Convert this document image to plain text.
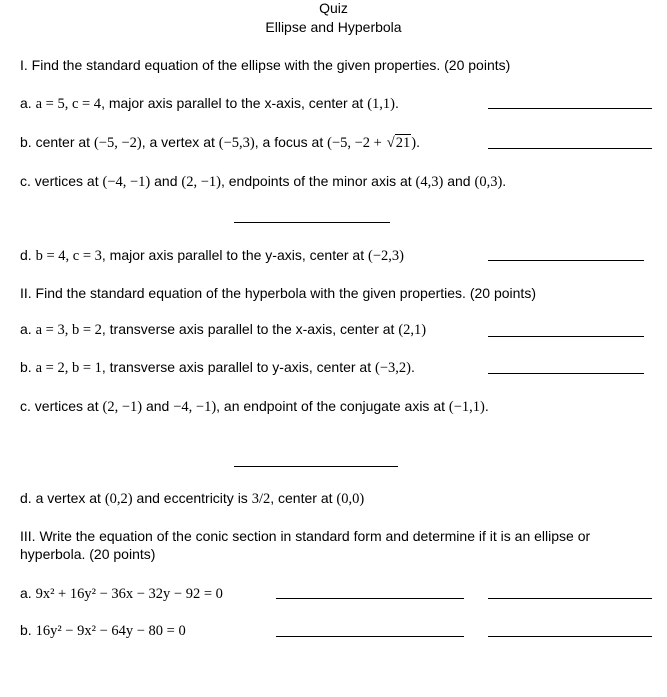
Quiz
Ellipse and Hyperbola
I. Find the standard equation of the ellipse with the given properties. (20 points)
a. a = 5, c = 4, major axis parallel to the x-axis, center at (1,1).
b. center at (−5, −2), a vertex at (−5,3), a focus at (−5, −2 + √21).
c. vertices at (−4, −1) and (2, −1), endpoints of the minor axis at (4,3) and (0,3).
d. b = 4, c = 3, major axis parallel to the y-axis, center at (−2,3)
II. Find the standard equation of the hyperbola with the given properties. (20 points)
a. a = 3, b = 2, transverse axis parallel to the x-axis, center at (2,1)
b. a = 2, b = 1, transverse axis parallel to y-axis, center at (−3,2).
c. vertices at (2, −1) and −4, −1), an endpoint of the conjugate axis at (−1,1).
d. a vertex at (0,2) and eccentricity is 3/2, center at (0,0)
III. Write the equation of the conic section in standard form and determine if it is an ellipse or
hyperbola. (20 points)
a. 9x² + 16y² − 36x − 32y − 92 = 0
b. 16y² − 9x² − 64y − 80 = 0
